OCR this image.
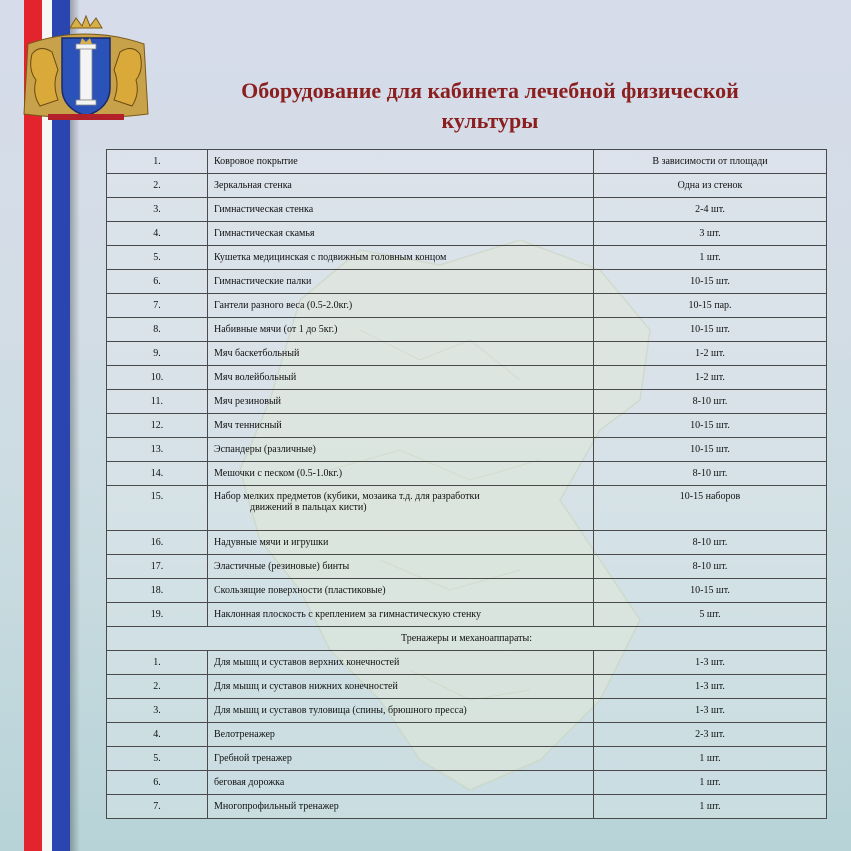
Оборудование для кабинета лечебной физической
культуры
1.	Ковровое покрытие	В зависимости от площади
2.	Зеркальная стенка	Одна из стенок
3.	Гимнастическая стенка	2-4 шт.
4.	Гимнастическая скамья	3 шт.
5.	Кушетка медицинская с подвижным головным концом	1 шт.
6.	Гимнастические палки	10-15 шт.
7.	Гантели разного веса (0.5-2.0кг.)	10-15 пар.
8.	Набивные мячи (от 1 до 5кг.)	10-15 шт.
9.	Мяч баскетбольный	1-2 шт.
10.	Мяч волейбольный	1-2 шт.
11.	Мяч резиновый	8-10 шт.
12.	Мяч теннисный	10-15 шт.
13.	Эспандеры (различные)	10-15 шт.
14.	Мешочки с песком (0.5-1.0кг.)	8-10 шт.
15.	Набор мелких предметов (кубики, мозаика т.д. для разработки
движений в пальцах кисти)	10-15 наборов
16.	Надувные мячи и игрушки	8-10 шт.
17.	Эластичные (резиновые) бинты	8-10 шт.
18.	Скользящие поверхности (пластиковые)	10-15 шт.
19.	Наклонная плоскость с креплением за гимнастическую стенку	5 шт.
Тренажеры и механоаппараты:		
1.	Для мышц и суставов верхних конечностей	1-3 шт.
2.	Для мышц и суставов нижних конечностей	1-3 шт.
3.	Для мышц и суставов туловища (спины, брюшного пресса)	1-3 шт.
4.	Велотренажер	2-3 шт.
5.	Гребной тренажер	1 шт.
6.	беговая дорожка	1 шт.
7.	Многопрофильный тренажер	1 шт.
